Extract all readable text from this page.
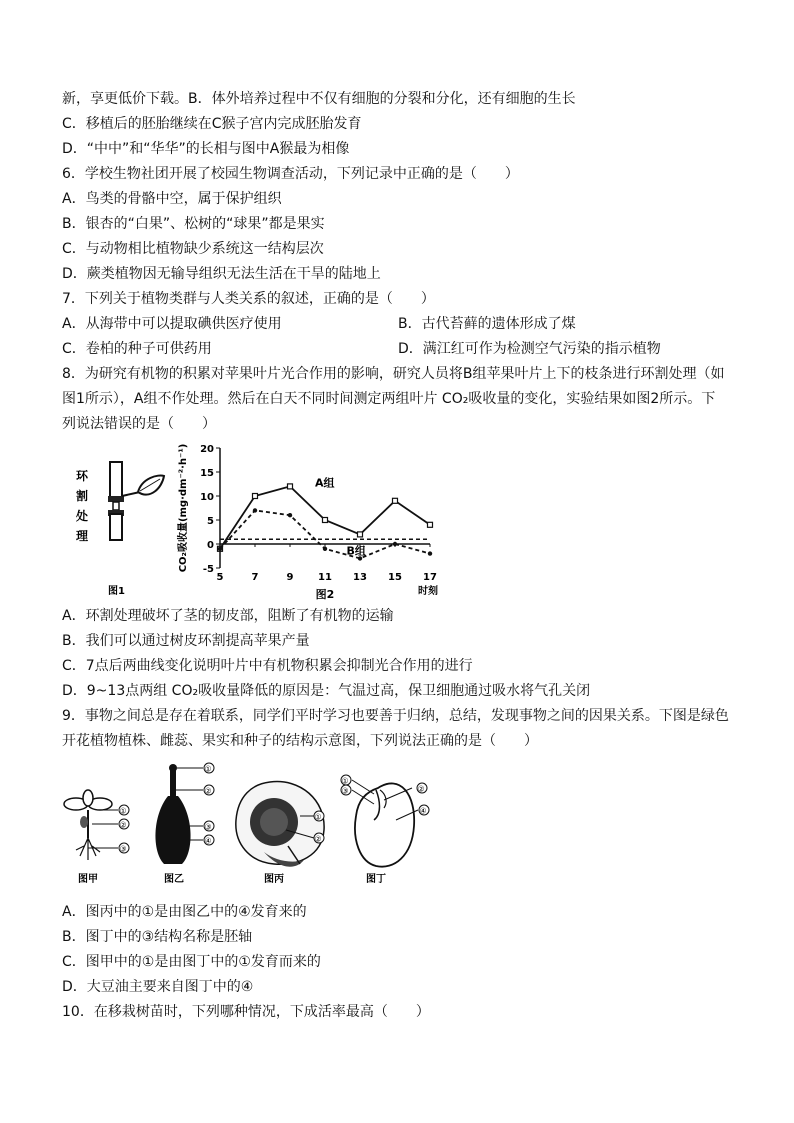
新，享更低价下载。B．体外培养过程中不仅有细胞的分裂和分化，还有细胞的生长
C．移植后的胚胎继续在C猴子宫内完成胚胎发育
D．“中中”和“华华”的长相与图中A猴最为相像
6．学校生物社团开展了校园生物调查活动，下列记录中正确的是（　　）
A．鸟类的骨骼中空，属于保护组织
B．银杏的“白果”、松树的“球果”都是果实
C．与动物相比植物缺少系统这一结构层次
D．蕨类植物因无输导组织无法生活在干旱的陆地上
7．下列关于植物类群与人类关系的叙述，正确的是（　　）
A．从海带中可以提取碘供医疗使用	B．古代苔藓的遗体形成了煤
C．卷柏的种子可供药用	D．满江红可作为检测空气污染的指示植物
8．为研究有机物的积累对苹果叶片光合作用的影响，研究人员将B组苹果叶片上下的枝条进行环割处理（如
图1所示），A组不作处理。然后在白天不同时间测定两组叶片 CO₂吸收量的变化，实验结果如图2所示。下
列说法错误的是（　　）
环
割
处
理
图1
-5
0
5
10
15
20
5	7	9 11 13 15 17
时刻
CO₂吸收量(mg·dm⁻²·h⁻¹)	A组
B组
图2
A．环割处理破坏了茎的韧皮部，阻断了有机物的运输
B．我们可以通过树皮环割提高苹果产量
C．7点后两曲线变化说明叶片中有机物积累会抑制光合作用的进行
D．9~13点两组 CO₂吸收量降低的原因是：气温过高，保卫细胞通过吸水将气孔关闭
9．事物之间总是存在着联系，同学们平时学习也要善于归纳，总结，发现事物之间的因果关系。下图是绿色
开花植物植株、雌蕊、果实和种子的结构示意图，下列说法正确的是（　　）
①
②
③
图甲
①
②
③
④
图乙
①
②
图丙
①
③	②
④
图丁
A．图丙中的①是由图乙中的④发育来的
B．图丁中的③结构名称是胚轴
C．图甲中的①是由图丁中的①发育而来的
D．大豆油主要来自图丁中的④
10．在移栽树苗时，下列哪种情况，下成活率最高（　　）
